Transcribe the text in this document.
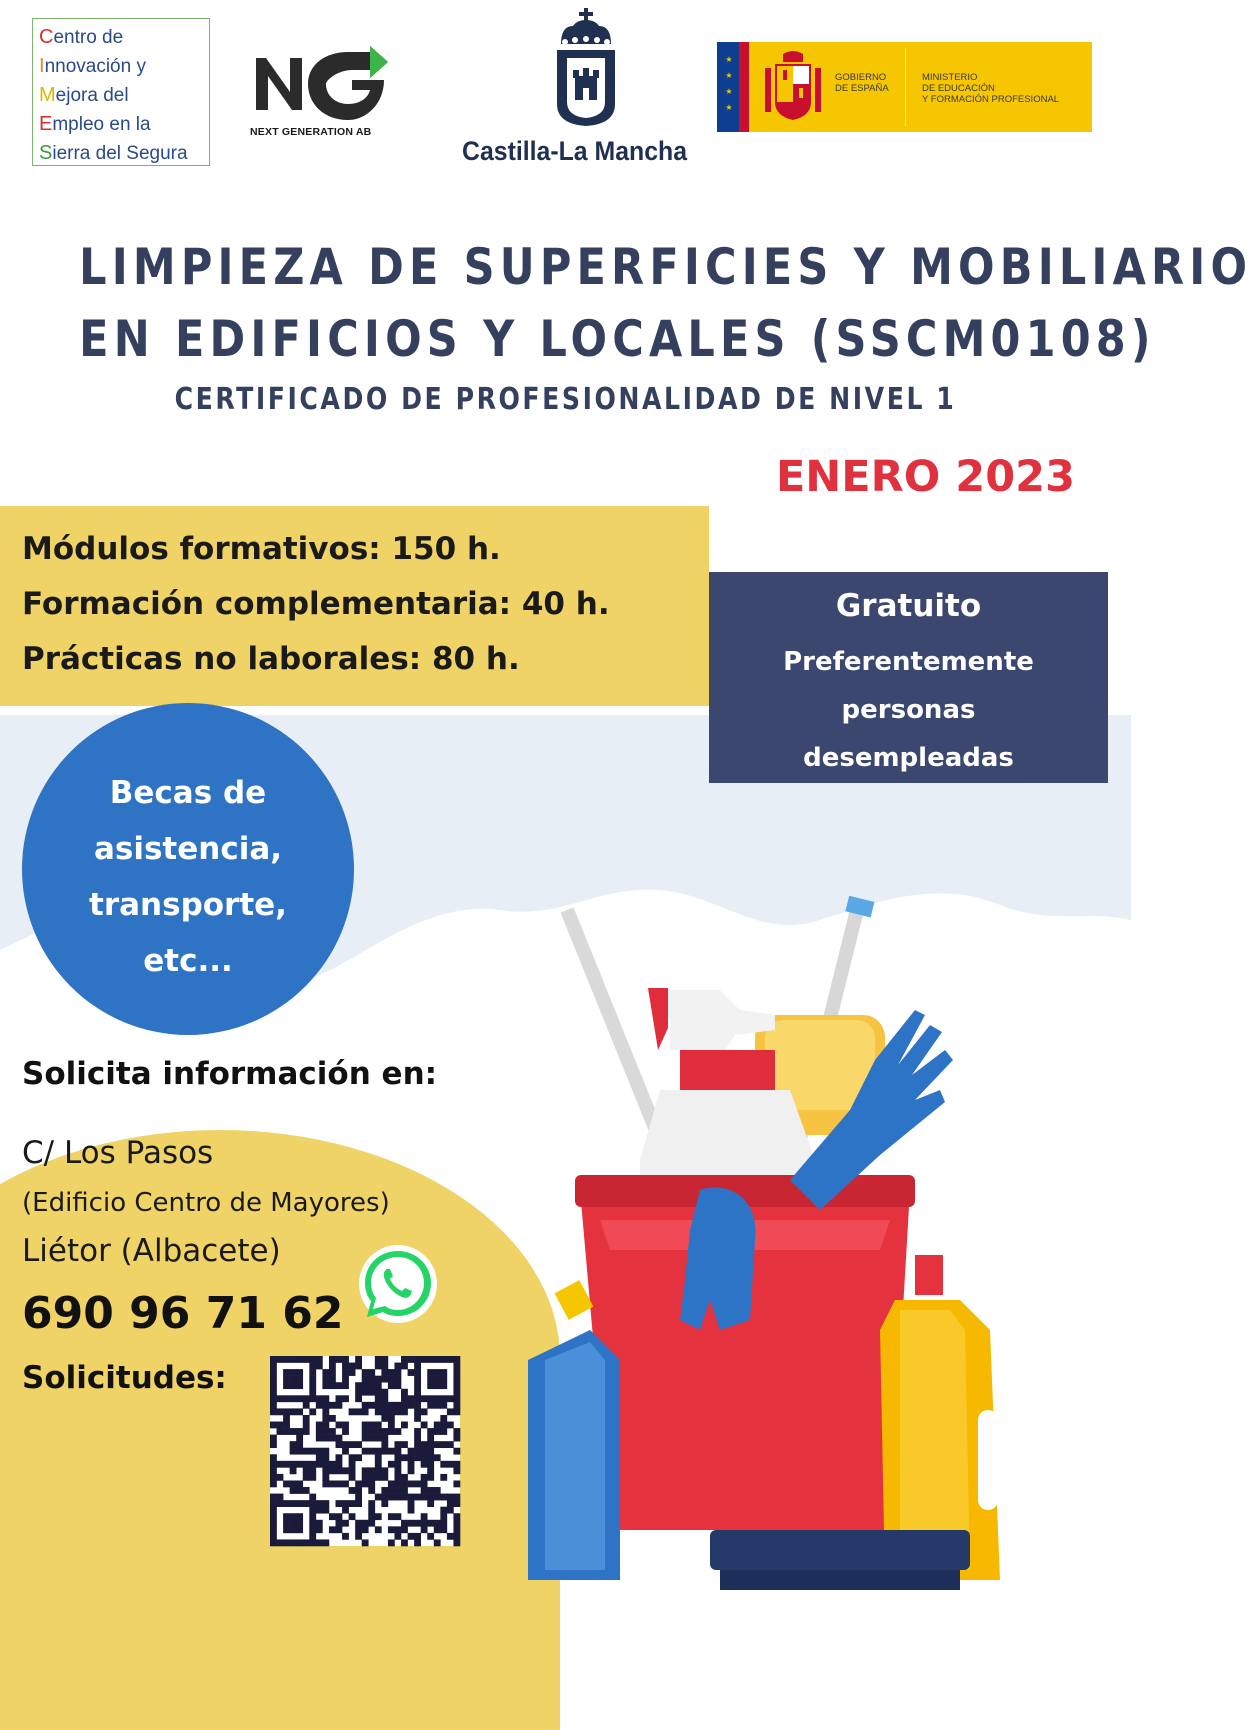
Centro de
Innovación y
Mejora del
Empleo en la
Sierra del Segura
NG
NEXT GENERATION AB
Castilla-La Mancha
★
★
★
★
GOBIERNO
DE ESPAÑA
MINISTERIO
DE EDUCACIÓN
Y FORMACIÓN PROFESIONAL
LIMPIEZA DE SUPERFICIES Y MOBILIARIO
EN EDIFICIOS Y LOCALES (SSCM0108)
CERTIFICADO DE PROFESIONALIDAD DE NIVEL 1
ENERO 2023
Módulos formativos: 150 h.
Formación complementaria: 40 h.
Prácticas no laborales: 80 h.
Gratuito
Preferentemente
personas
desempleadas
Becas de
asistencia,
transporte,
etc...
Solicita información en:
C/ Los Pasos
(Edificio Centro de Mayores)
Liétor (Albacete)
690 96 71 62
Solicitudes:
